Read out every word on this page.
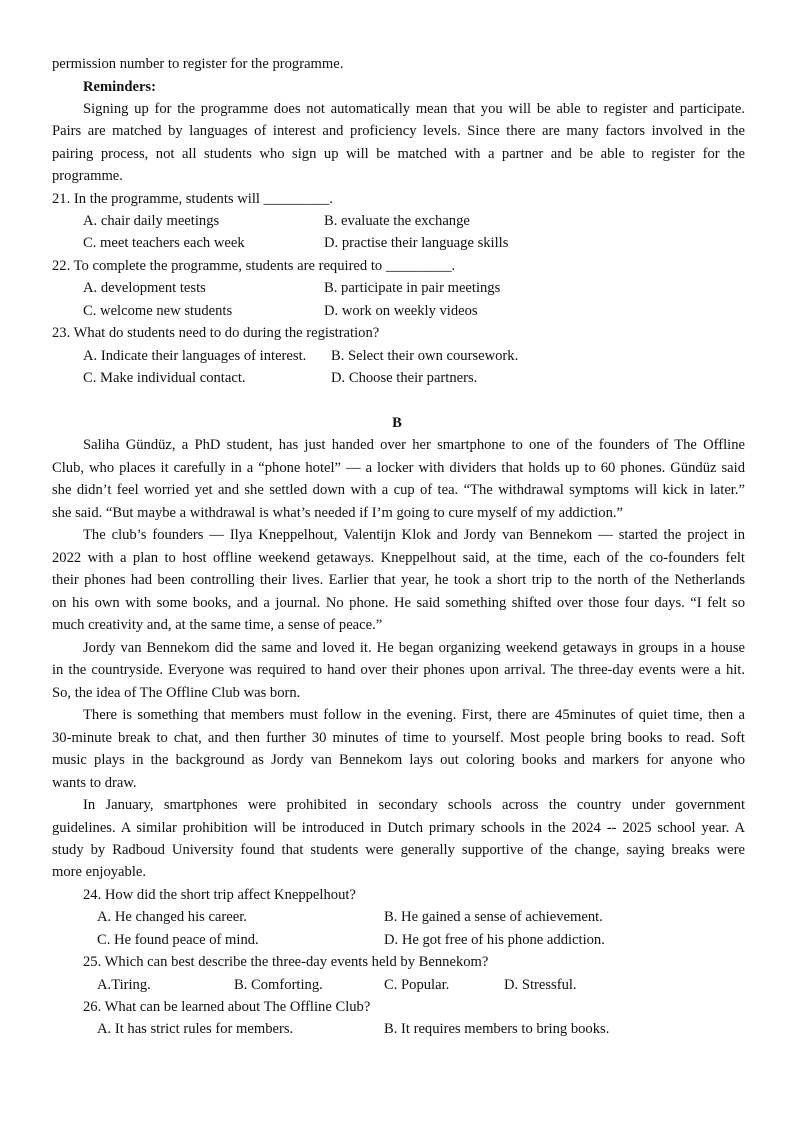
permission number to register for the programme.
Reminders:
Signing up for the programme does not automatically mean that you will be able to register and participate.
Pairs are matched by languages of interest and proficiency levels. Since there are many factors involved in the
pairing process, not all students who sign up will be matched with a partner and be able to register for the
programme.
21. In the programme, students will _________.
A. chair daily meetings	B. evaluate the exchange
C. meet teachers each week	D. practise their language skills
22. To complete the programme, students are required to _________.
A. development tests	B. participate in pair meetings
C. welcome new students	D. work on weekly videos
23. What do students need to do during the registration?
A. Indicate their languages of interest. B. Select their own coursework.
C. Make individual contact.	D. Choose their partners.
B
Saliha Gündüz, a PhD student, has just handed over her smartphone to one of the founders of The Offline
Club, who places it carefully in a “phone hotel” — a locker with dividers that holds up to 60 phones. Gündüz said
she didn’t feel worried yet and she settled down with a cup of tea. “The withdrawal symptoms will kick in later.”
she said. “But maybe a withdrawal is what’s needed if I’m going to cure myself of my addiction.”
The club’s founders — Ilya Kneppelhout, Valentijn Klok and Jordy van Bennekom — started the project in
2022 with a plan to host offline weekend getaways. Kneppelhout said, at the time, each of the co-founders felt
their phones had been controlling their lives. Earlier that year, he took a short trip to the north of the Netherlands
on his own with some books, and a journal. No phone. He said something shifted over those four days. “I felt so
much creativity and, at the same time, a sense of peace.”
Jordy van Bennekom did the same and loved it. He began organizing weekend getaways in groups in a house
in the countryside. Everyone was required to hand over their phones upon arrival. The three-day events were a hit.
So, the idea of The Offline Club was born.
There is something that members must follow in the evening. First, there are 45minutes of quiet time, then a
30-minute break to chat, and then further 30 minutes of time to yourself. Most people bring books to read. Soft
music plays in the background as Jordy van Bennekom lays out coloring books and markers for anyone who
wants to draw.
In January, smartphones were prohibited in secondary schools across the country under government
guidelines. A similar prohibition will be introduced in Dutch primary schools in the 2024 -- 2025 school year. A
study by Radboud University found that students were generally supportive of the change, saying breaks were
more enjoyable.
24. How did the short trip affect Kneppelhout?
A. He changed his career.	B. He gained a sense of achievement.
C. He found peace of mind.	D. He got free of his phone addiction.
25. Which can best describe the three-day events held by Bennekom?
A.Tiring.	B. Comforting.	C. Popular.	D. Stressful.
26. What can be learned about The Offline Club?
A. It has strict rules for members.	B. It requires members to bring books.
